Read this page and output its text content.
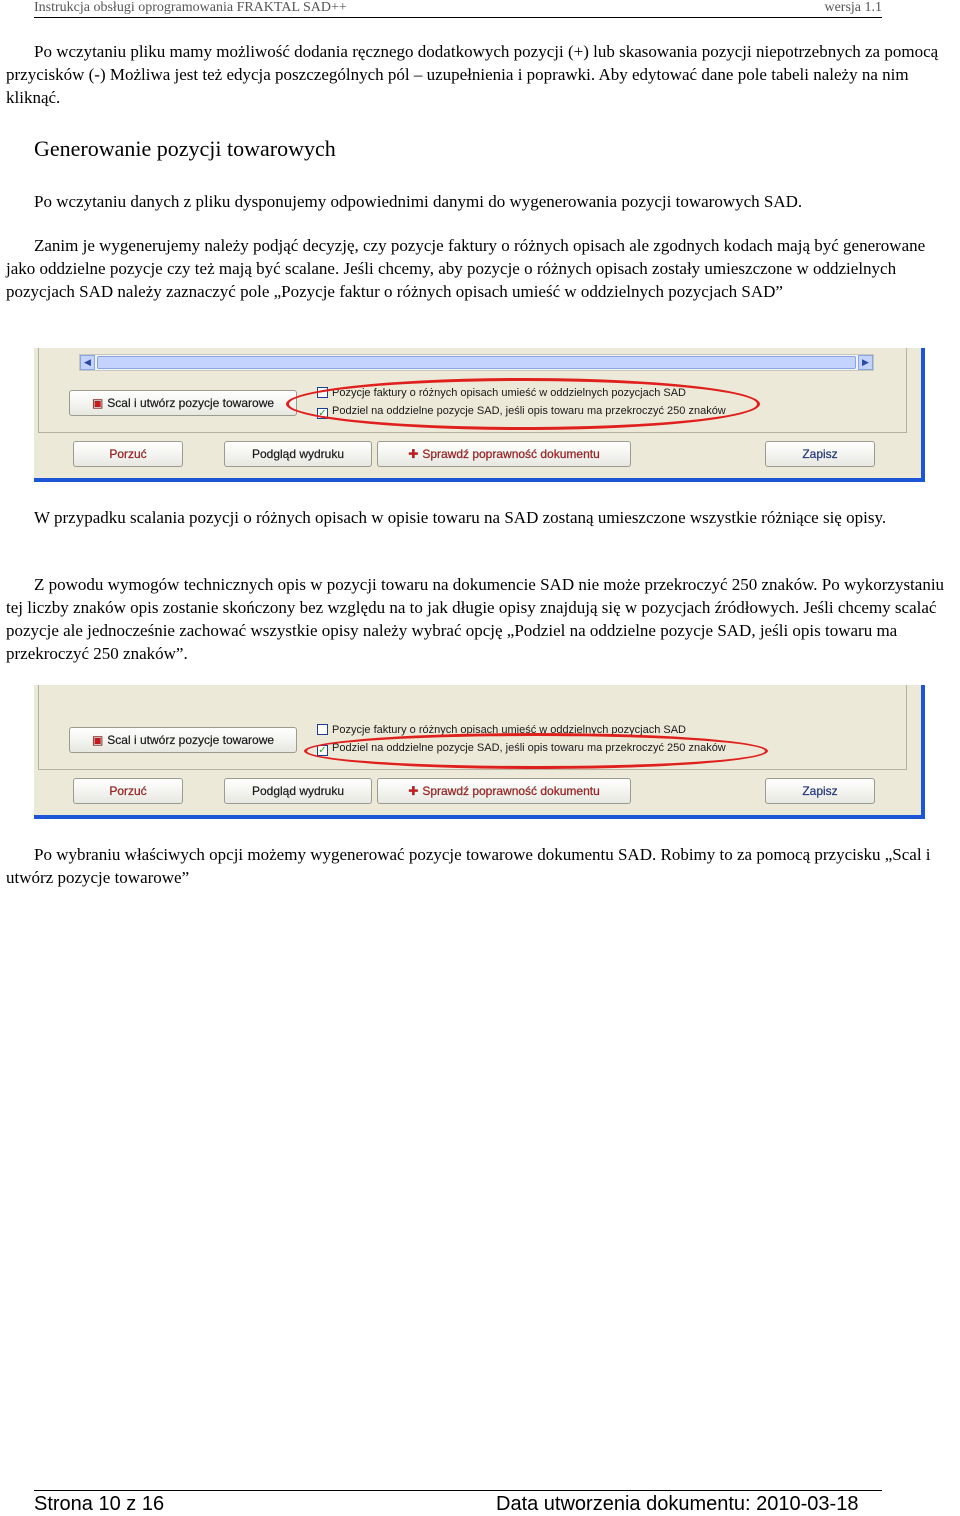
Instrukcja obsługi oprogramowania FRAKTAL SAD++	wersja 1.1

Po wczytaniu pliku mamy możliwość dodania ręcznego dodatkowych pozycji (+) lub skasowania pozycji niepotrzebnych za pomocą przycisków (-) Możliwa jest też edycja poszczególnych pól – uzupełnienia i poprawki. Aby edytować dane pole tabeli należy na nim kliknąć.

Generowanie pozycji towarowych

Po wczytaniu danych z pliku dysponujemy odpowiednimi danymi do wygenerowania pozycji towarowych SAD.

Zanim je wygenerujemy należy podjąć decyzję, czy pozycje faktury o różnych opisach ale zgodnych kodach mają być generowane jako oddzielne pozycje czy też mają być scalane. Jeśli chcemy, aby pozycje o różnych opisach zostały umieszczone w oddzielnych pozycjach SAD należy zaznaczyć pole „Pozycje faktur o różnych opisach umieść w oddzielnych pozycjach SAD”

◀	▶
▣ Scal i utwórz pozycje towarowe
Pozycje faktury o różnych opisach umieść w oddzielnych pozycjach SAD
✓ Podziel na oddzielne pozycje SAD, jeśli opis towaru ma przekroczyć 250 znaków
Porzuć	Podgląd wydruku	✚ Sprawdź poprawność dokumentu	Zapisz

W przypadku scalania pozycji o różnych opisach w opisie towaru na SAD zostaną umieszczone wszystkie różniące się opisy.

Z powodu wymogów technicznych opis w pozycji towaru na dokumencie SAD nie może przekroczyć 250 znaków. Po wykorzystaniu tej liczby znaków opis zostanie skończony bez względu na to jak długie opisy znajdują się w pozycjach źródłowych. Jeśli chcemy scalać pozycje ale jednocześnie zachować wszystkie opisy należy wybrać opcję „Podziel na oddzielne pozycje SAD, jeśli opis towaru ma przekroczyć 250 znaków”.

▣ Scal i utwórz pozycje towarowe
Pozycje faktury o różnych opisach umieść w oddzielnych pozycjach SAD
✓ Podziel na oddzielne pozycje SAD, jeśli opis towaru ma przekroczyć 250 znaków
Porzuć	Podgląd wydruku	✚ Sprawdź poprawność dokumentu	Zapisz

Po wybraniu właściwych opcji możemy wygenerować pozycje towarowe dokumentu SAD. Robimy to za pomocą przycisku „Scal i utwórz pozycje towarowe”

Strona 10 z 16	Data utworzenia dokumentu: 2010-03-18
